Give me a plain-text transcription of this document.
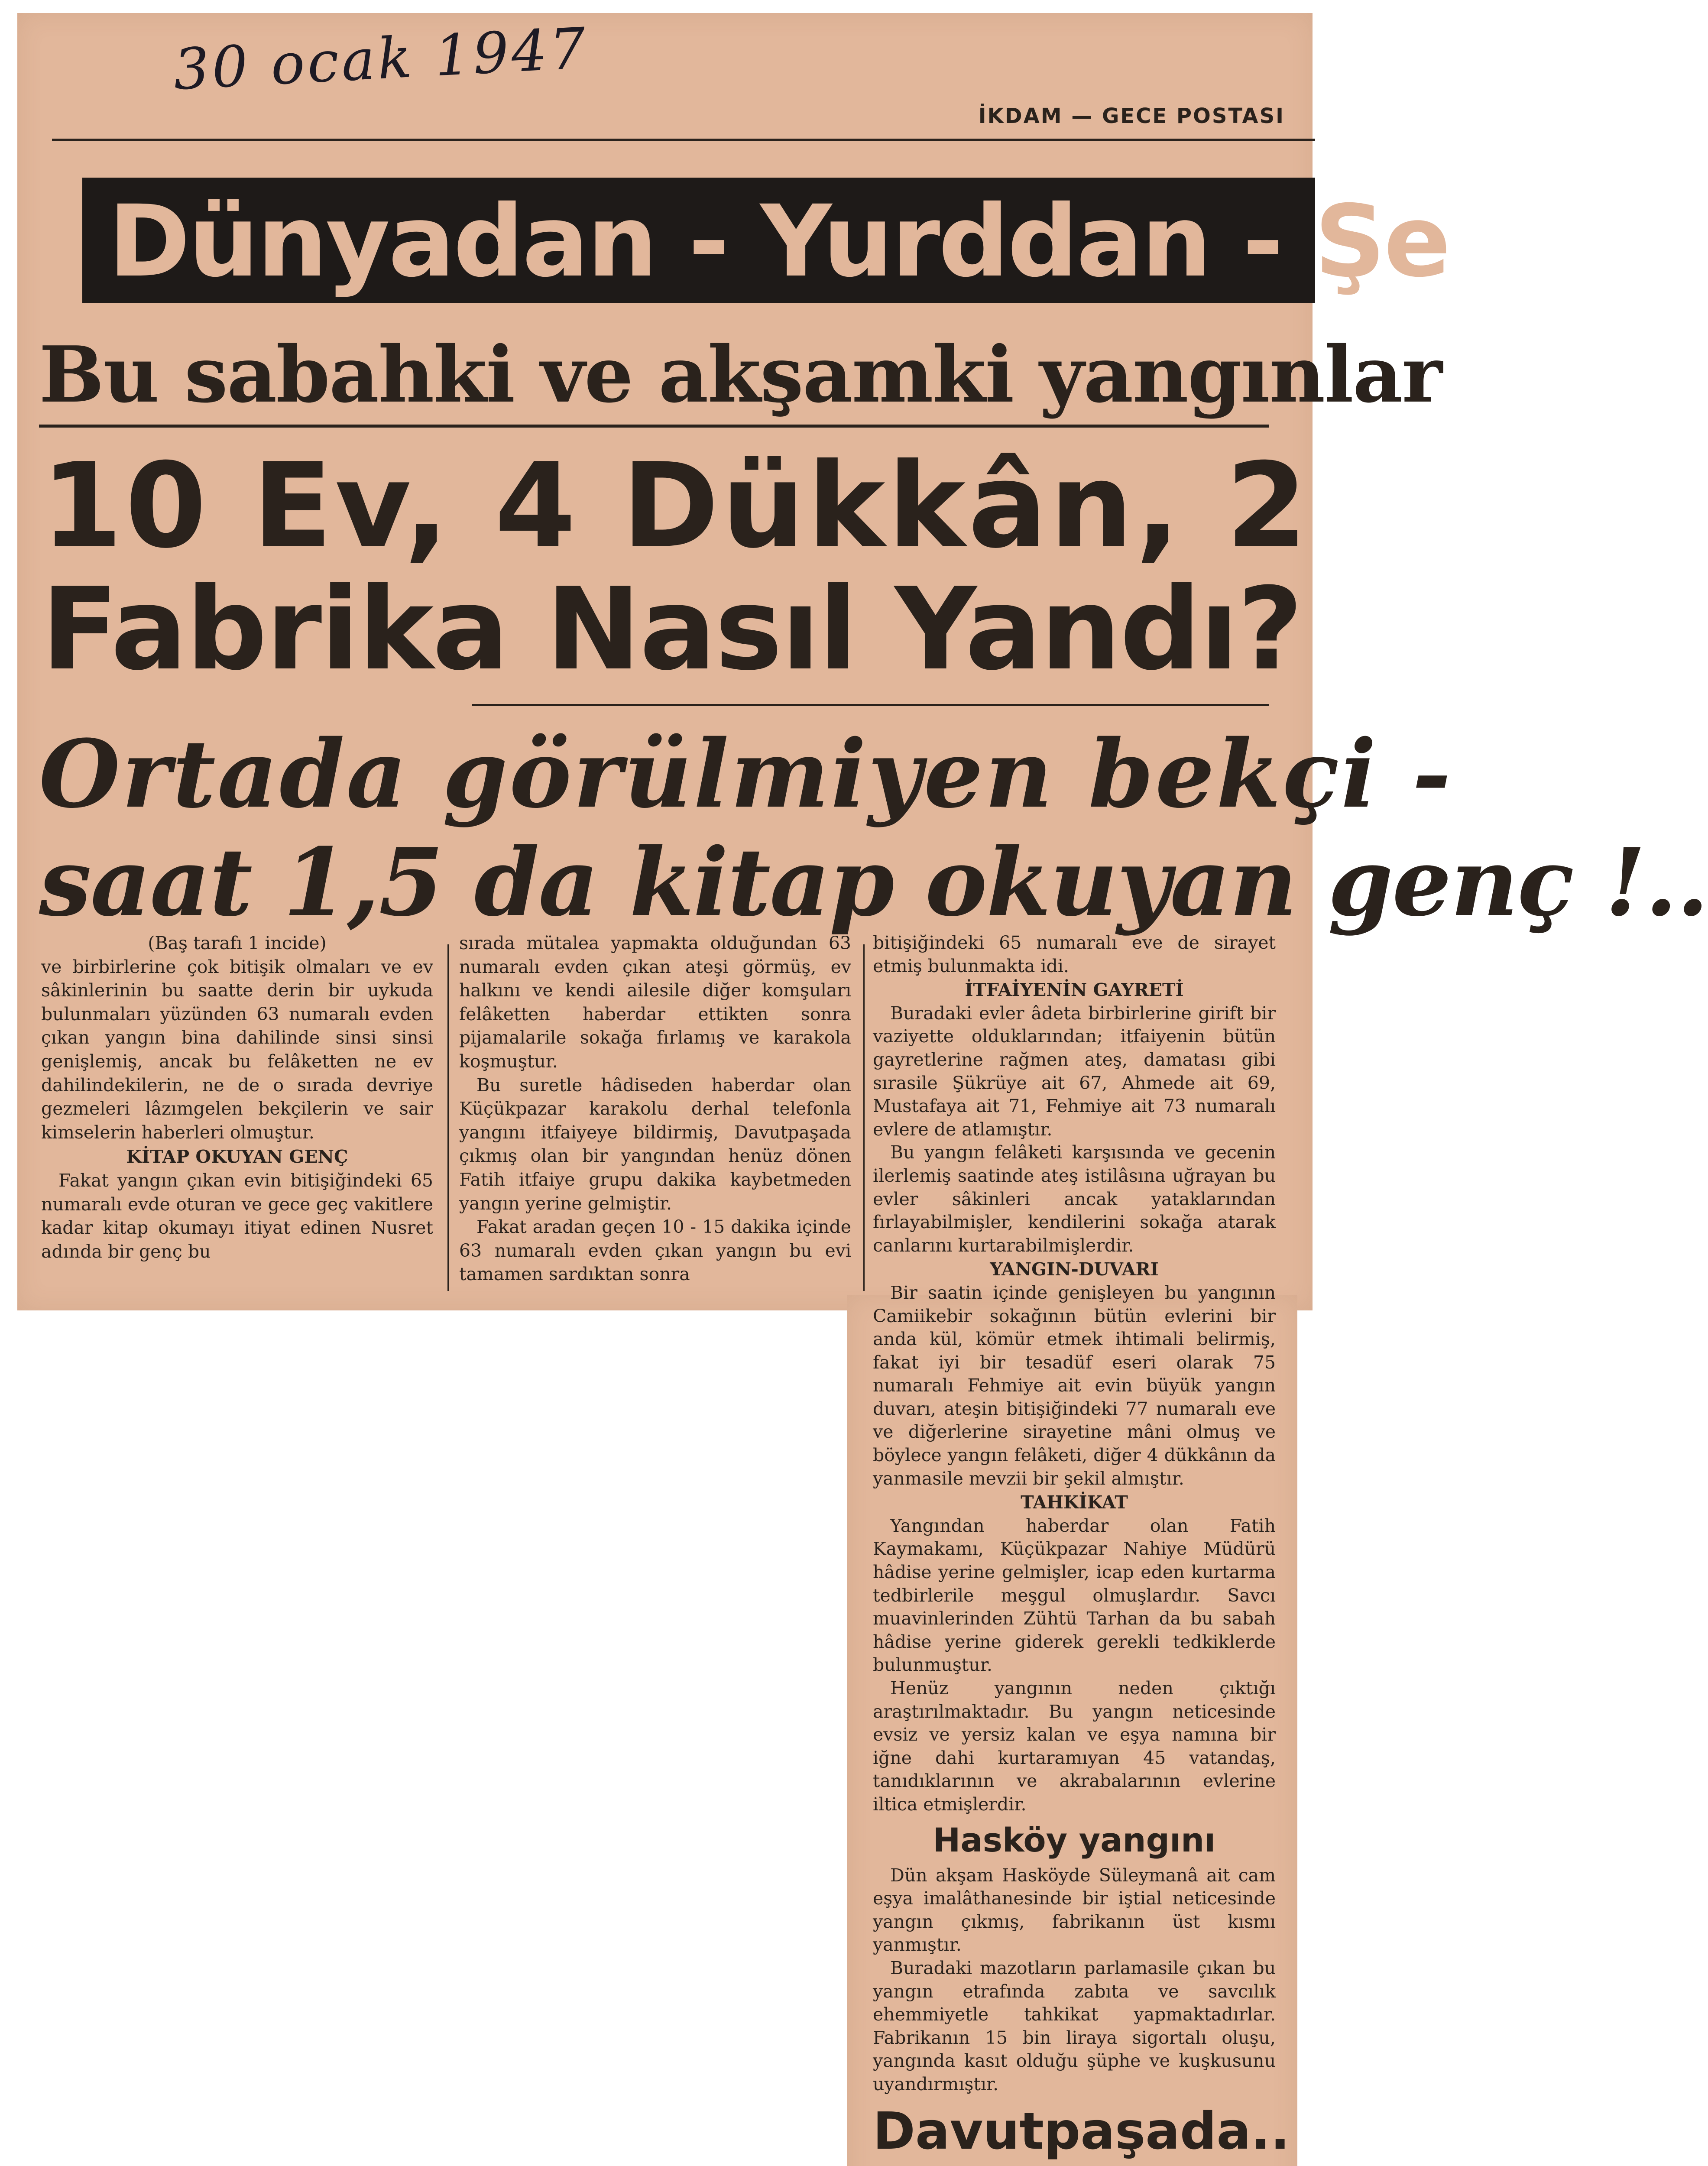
30 ocak 1947
İKDAM — GECE POSTASI
Dünyadan - Yurddan - Şe
Bu sabahki ve akşamki yangınlar
10 Ev, 4 Dükkân, 2
Fabrika Nasıl Yandı?
Ortada görülmiyen bekçi -
saat 1,5 da kitap okuyan genç !..

(Baş tarafı 1 incide)

ve birbirlerine çok bitişik olmaları ve ev sâkinlerinin bu saatte derin bir uykuda bulunmaları yüzünden 63 numaralı evden çıkan yangın bina dahilinde sinsi sinsi genişlemiş, ancak bu felâketten ne ev dahilindekilerin, ne de o sırada devriye gezmeleri lâzımgelen bekçilerin ve sair kimselerin haberleri olmuştur.

KİTAP OKUYAN GENÇ

Fakat yangın çıkan evin bitişiğindeki 65 numaralı evde oturan ve gece geç vakitlere kadar kitap okumayı itiyat edinen Nusret adında bir genç bu

sırada mütalea yapmakta olduğundan 63 numaralı evden çıkan ateşi görmüş, ev halkını ve kendi ailesile diğer komşuları felâketten haberdar ettikten sonra pijamalarile sokağa fırlamış ve karakola koşmuştur.

Bu suretle hâdiseden haberdar olan Küçükpazar karakolu derhal telefonla yangını itfaiyeye bildirmiş, Davutpaşada çıkmış olan bir yangından henüz dönen Fatih itfaiye grupu dakika kaybetmeden yangın yerine gelmiştir.

Fakat aradan geçen 10 - 15 dakika içinde 63 numaralı evden çıkan yangın bu evi tamamen sardıktan sonra

bitişiğindeki 65 numaralı eve de sirayet etmiş bulunmakta idi.

İTFAİYENİN GAYRETİ

Buradaki evler âdeta birbirlerine girift bir vaziyette olduklarından; itfaiyenin bütün gayretlerine rağmen ateş, damatası gibi sırasile Şükrüye ait 67, Ahmede ait 69, Mustafaya ait 71, Fehmiye ait 73 numaralı evlere de atlamıştır.

Bu yangın felâketi karşısında ve gecenin ilerlemiş saatinde ateş istilâsına uğrayan bu evler sâkinleri ancak yataklarından fırlayabilmişler, kendilerini sokağa atarak canlarını kurtarabilmişlerdir.

YANGIN-DUVARI

Bir saatin içinde genişleyen bu yangının Camiikebir sokağının bütün evlerini bir anda kül, kömür etmek ihtimali belirmiş, fakat iyi bir tesadüf eseri olarak 75 numaralı Fehmiye ait evin büyük yangın duvarı, ateşin bitişiğindeki 77 numaralı eve ve diğerlerine sirayetine mâni olmuş ve böylece yangın felâketi, diğer 4 dükkânın da yanmasile mevzii bir şekil almıştır.

TAHKİKAT

Yangından haberdar olan Fatih Kaymakamı, Küçükpazar Nahiye Müdürü hâdise yerine gelmişler, icap eden kurtarma tedbirlerile meşgul olmuşlardır. Savcı muavinlerinden Zühtü Tarhan da bu sabah hâdise yerine giderek gerekli tedkiklerde bulunmuştur.

Henüz yangının neden çıktığı araştırılmaktadır. Bu yangın neticesinde evsiz ve yersiz kalan ve eşya namına bir iğne dahi kurtaramıyan 45 vatandaş, tanıdıklarının ve akrabalarının evlerine iltica etmişlerdir.

Hasköy yangını

Dün akşam Hasköyde Süleymanâ ait cam eşya imalâthanesinde bir iştial neticesinde yangın çıkmış, fabrikanın üst kısmı yanmıştır.

Buradaki mazotların parlamasile çıkan bu yangın etrafında zabıta ve savcılık ehemmiyetle tahkikat yapmaktadırlar. Fabrikanın 15 bin liraya sigortalı oluşu, yangında kasıt olduğu şüphe ve kuşkusunu uyandırmıştır.

Davutpaşada..
